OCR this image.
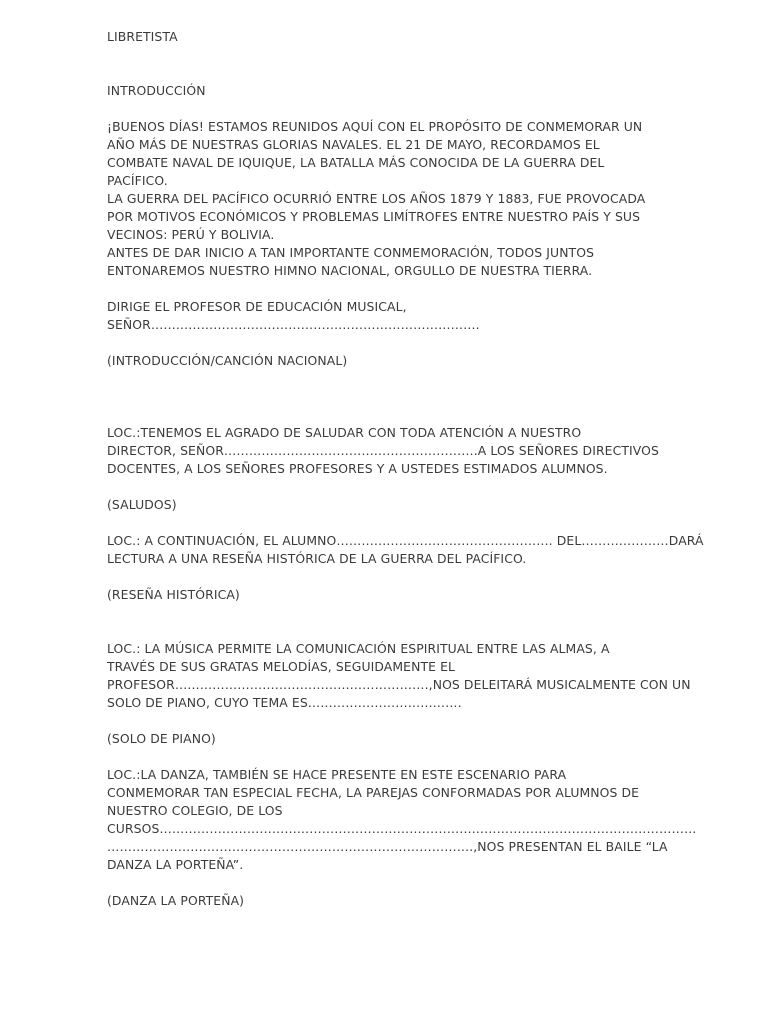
LIBRETISTA

INTRODUCCIÓN

¡BUENOS DÍAS! ESTAMOS REUNIDOS AQUÍ CON EL PROPÓSITO DE CONMEMORAR UN
AÑO MÁS DE NUESTRAS GLORIAS NAVALES. EL 21 DE MAYO, RECORDAMOS EL
COMBATE NAVAL DE IQUIQUE, LA BATALLA MÁS CONOCIDA DE LA GUERRA DEL
PACÍFICO.
LA GUERRA DEL PACÍFICO OCURRIÓ ENTRE LOS AÑOS 1879 Y 1883, FUE PROVOCADA
POR MOTIVOS ECONÓMICOS Y PROBLEMAS LIMÍTROFES ENTRE NUESTRO PAÍS Y SUS
VECINOS: PERÚ Y BOLIVIA.
ANTES DE DAR INICIO A TAN IMPORTANTE CONMEMORACIÓN, TODOS JUNTOS
ENTONAREMOS NUESTRO HIMNO NACIONAL, ORGULLO DE NUESTRA TIERRA.

DIRIGE EL PROFESOR DE EDUCACIÓN MUSICAL,
SEÑOR…………………………………………………………………….

(INTRODUCCIÓN/CANCIÓN NACIONAL)

LOC.:TENEMOS EL AGRADO DE SALUDAR CON TODA ATENCIÓN A NUESTRO
DIRECTOR, SEÑOR…………………………………………………….A LOS SEÑORES DIRECTIVOS
DOCENTES, A LOS SEÑORES PROFESORES Y A USTEDES ESTIMADOS ALUMNOS.

(SALUDOS)

LOC.: A CONTINUACIÓN, EL ALUMNO……………………………………………. DEL…………………DARÁ
LECTURA A UNA RESEÑA HISTÓRICA DE LA GUERRA DEL PACÍFICO.

(RESEÑA HISTÓRICA)

LOC.: LA MÚSICA PERMITE LA COMUNICACIÓN ESPIRITUAL ENTRE LAS ALMAS, A
TRAVÉS DE SUS GRATAS MELODÍAS, SEGUIDAMENTE EL
PROFESOR…………………………………………………….,NOS DELEITARÁ MUSICALMENTE CON UN
SOLO DE PIANO, CUYO TEMA ES……………………………….

(SOLO DE PIANO)

LOC.:LA DANZA, TAMBIÉN SE HACE PRESENTE EN ESTE ESCENARIO PARA
CONMEMORAR TAN ESPECIAL FECHA, LA PAREJAS CONFORMADAS POR ALUMNOS DE
NUESTRO COLEGIO, DE LOS
CURSOS…………………………………………………………………………………………………………………
…………………………………………………………………………….,NOS PRESENTAN EL BAILE “LA
DANZA LA PORTEÑA”.

(DANZA LA PORTEÑA)
